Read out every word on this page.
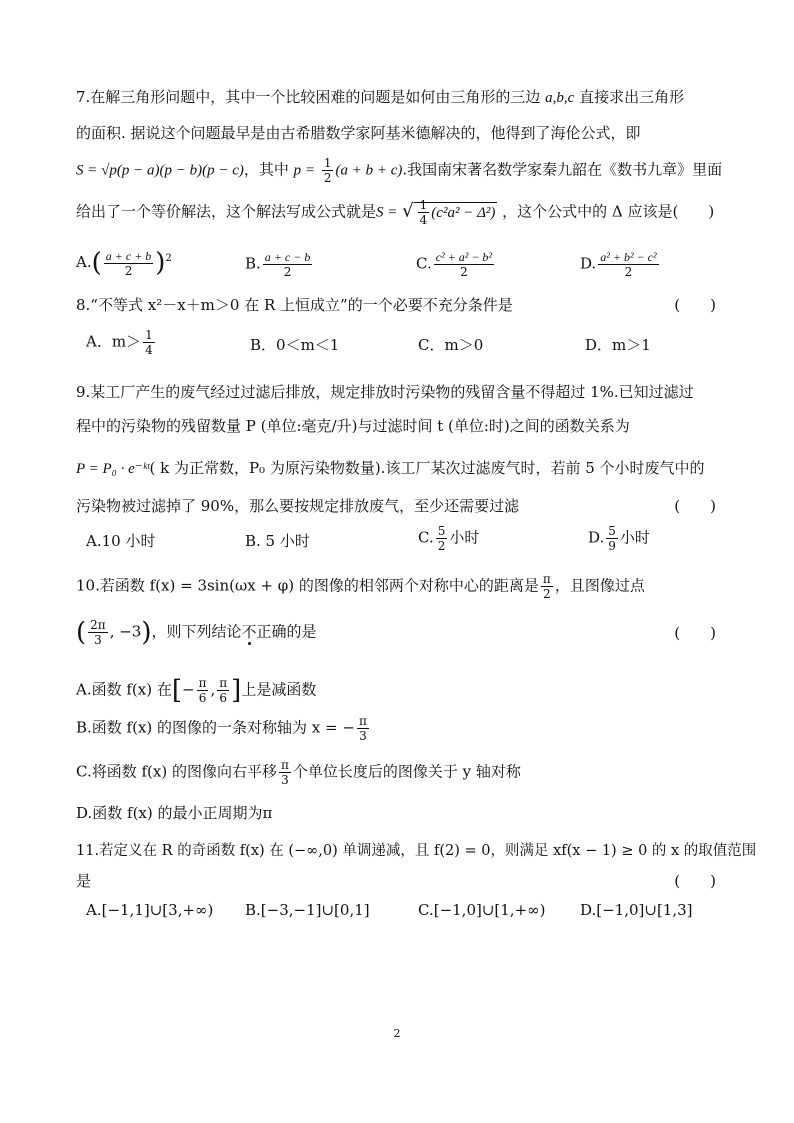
7.在解三角形问题中，其中一个比较困难的问题是如何由三角形的三边 a,b,c 直接求出三角形
的面积. 据说这个问题最早是由古希腊数学家阿基米德解决的，他得到了海伦公式，即
S = √p(p − a)(p − b)(p − c)，其中 $p = \frac{1}{2} (a + b + c)$.我国南宋著名数学家秦九韶在《数书九章》里面
给出了一个等价解法，这个解法写成公式就是S = √ $\frac{1}{4} (c^2a^2 - \Delta^2)$ ，这个公式中的 Δ 应该是(　　)
$A.( \frac{a + c + b}{2} )^2$	B. $\frac{a + c - b}{2}$	C. $\frac{\text{c² + a² − b²}}{2}$	D. $\frac{\text{a² + b² − c²}}{2}$
8.“不等式 x²－x＋m＞0 在 R 上恒成立”的一个必要不充分条件是	(　　)
A．$m> \frac{1}{4}$	B．0＜m＜1	C．m＞0	D．m＞1
9.某工厂产生的废气经过过滤后排放，规定排放时污染物的残留含量不得超过 1%.已知过滤过
程中的污染物的残留数量 P (单位:毫克/升)与过滤时间 t (单位:时)之间的函数关系为
P = P₀ · e⁻ᵏᵗ( k 为正常数，P₀ 为原污染物数量).该工厂某次过滤废气时，若前 5 个小时废气中的
污染物被过滤掉了 90%，那么要按规定排放废气，至少还需要过滤	(　　)
A.10 小时	B. 5 小时	C. $\frac{5}{2}$ 小时	D. $\frac{5}{9}$ 小时
10.若函数 f(x) = 3sin(ωx + φ) 的图像的相邻两个对称中心的距离是 $\frac{\pi}{2}$ ，且图像过点
( $\frac{2\pi}{3}$ , −3)，则下列结论不正确的是	(　　)
A.函数 f(x) 在[− $\frac{\pi}{6}$ , $\frac{\pi}{6}$ ]上是减函数
B.函数 f(x) 的图像的一条对称轴为 x = − $\frac{\pi}{3}$
C.将函数 f(x) 的图像向右平移 $\frac{\pi}{3}$ 个单位长度后的图像关于 y 轴对称
D.函数 f(x) 的最小正周期为π
11.若定义在 R 的奇函数 f(x) 在 (−∞,0) 单调递减，且 f(2) = 0，则满足 xf(x − 1) ≥ 0 的 x 的取值范围
是	(　　)
A.[−1,1]∪[3,+∞) B.[−3,−1]∪[0,1]	C.[−1,0]∪[1,+∞) D.[−1,0]∪[1,3]
2
